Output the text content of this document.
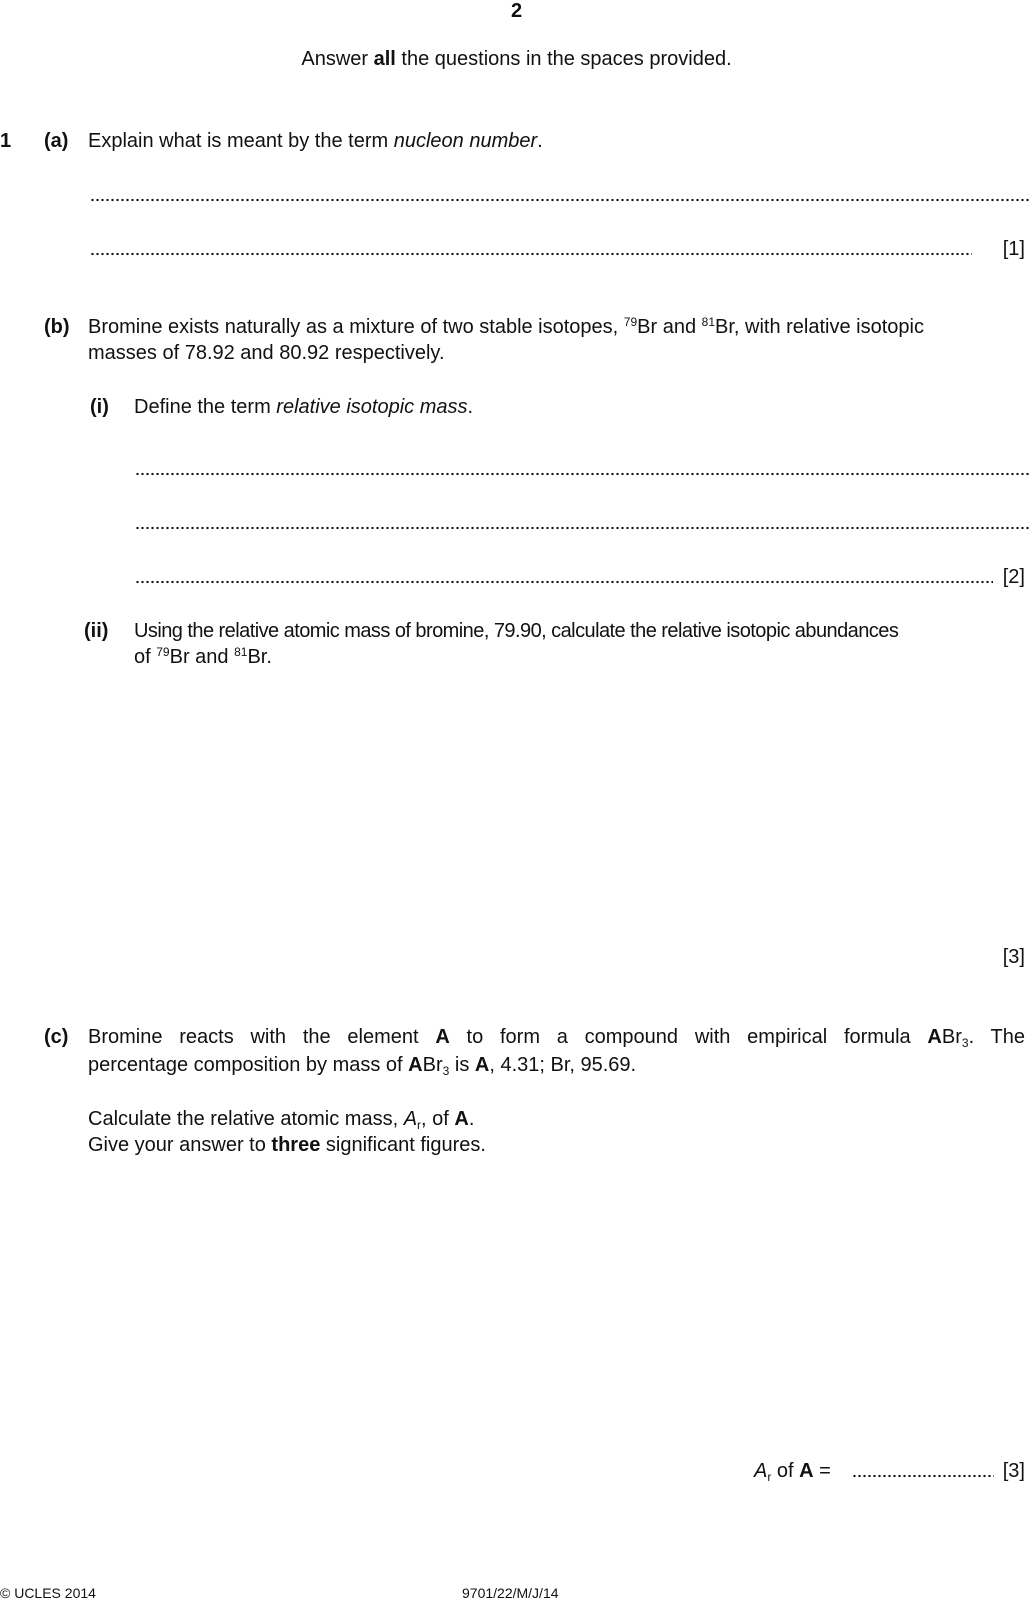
2
Answer all the questions in the spaces provided.
1 (a) Explain what is meant by the term nucleon number.
[1]
(b) Bromine exists naturally as a mixture of two stable isotopes, $^{79}$Br and $^{81}$Br, with relative isotopic
masses of 78.92 and 80.92 respectively.
(i) Define the term relative isotopic mass.
[2]
(ii) Using the relative atomic mass of bromine, 79.90, calculate the relative isotopic abundances
of $^{79}$Br and $^{81}$Br.
[3]
(c) Bromine reacts with the element A to form a compound with empirical formula ABr$_3$. The
percentage composition by mass of ABr$_3$ is A, 4.31; Br, 95.69.
Calculate the relative atomic mass, $A_r$, of A.
Give your answer to three significant figures.
$A_r$ of A =	[3]
© UCLES 2014	9701/22/M/J/14
